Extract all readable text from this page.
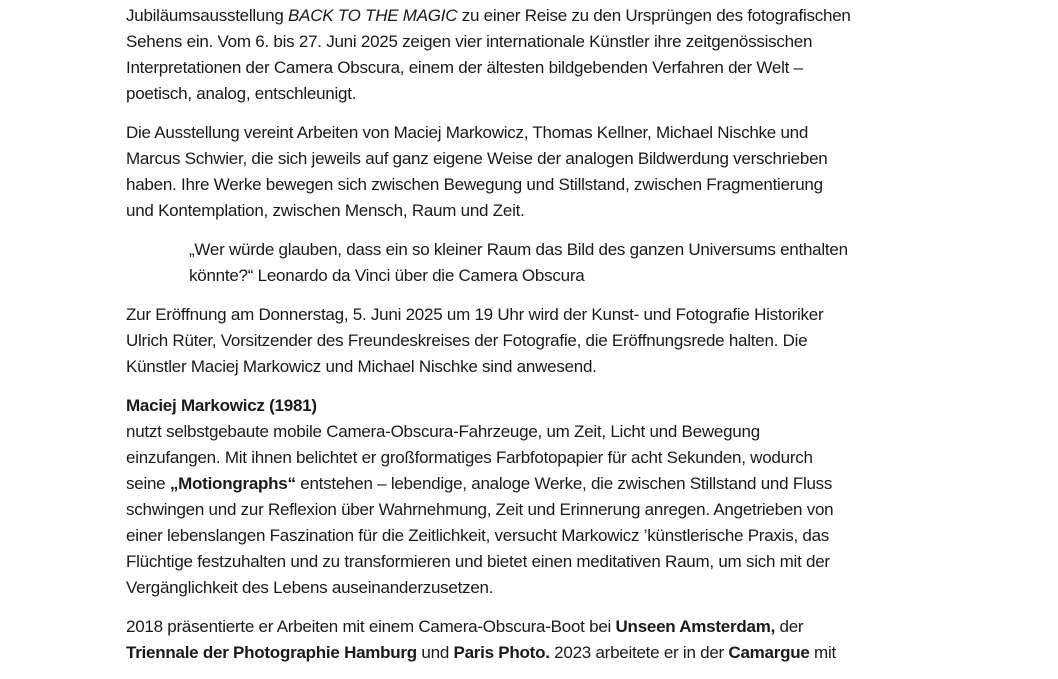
Jubiläumsausstellung BACK TO THE MAGIC zu einer Reise zu den Ursprüngen des fotografischen
Sehens ein. Vom 6. bis 27. Juni 2025 zeigen vier internationale Künstler ihre zeitgenössischen
Interpretationen der Camera Obscura, einem der ältesten bildgebenden Verfahren der Welt –
poetisch, analog, entschleunigt.
Die Ausstellung vereint Arbeiten von Maciej Markowicz, Thomas Kellner, Michael Nischke und
Marcus Schwier, die sich jeweils auf ganz eigene Weise der analogen Bildwerdung verschrieben
haben. Ihre Werke bewegen sich zwischen Bewegung und Stillstand, zwischen Fragmentierung
und Kontemplation, zwischen Mensch, Raum und Zeit.
„Wer würde glauben, dass ein so kleiner Raum das Bild des ganzen Universums enthalten
könnte?“ Leonardo da Vinci über die Camera Obscura
Zur Eröffnung am Donnerstag, 5. Juni 2025 um 19 Uhr wird der Kunst- und Fotografie Historiker
Ulrich Rüter, Vorsitzender des Freundeskreises der Fotografie, die Eröffnungsrede halten. Die
Künstler Maciej Markowicz und Michael Nischke sind anwesend.
Maciej Markowicz (1981)
nutzt selbstgebaute mobile Camera-Obscura-Fahrzeuge, um Zeit, Licht und Bewegung
einzufangen. Mit ihnen belichtet er großformatiges Farbfotopapier für acht Sekunden, wodurch
seine „Motiongraphs“ entstehen – lebendige, analoge Werke, die zwischen Stillstand und Fluss
schwingen und zur Reflexion über Wahrnehmung, Zeit und Erinnerung anregen. Angetrieben von
einer lebenslangen Faszination für die Zeitlichkeit, versucht Markowicz ’künstlerische Praxis, das
Flüchtige festzuhalten und zu transformieren und bietet einen meditativen Raum, um sich mit der
Vergänglichkeit des Lebens auseinanderzusetzen.
2018 präsentierte er Arbeiten mit einem Camera-Obscura-Boot bei Unseen Amsterdam, der
Triennale der Photographie Hamburg und Paris Photo. 2023 arbeitete er in der Camargue mit
